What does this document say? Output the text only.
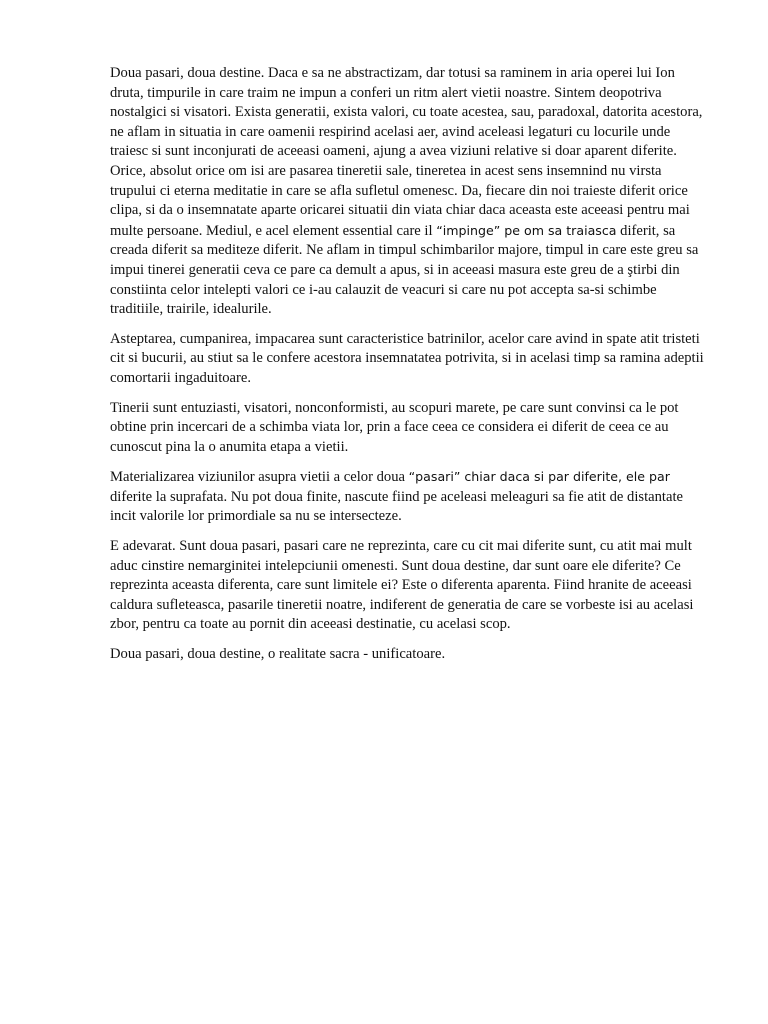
Doua pasari, doua destine. Daca e sa ne abstractizam, dar totusi sa raminem in aria operei lui Ion druta, timpurile in care traim ne impun a conferi un ritm alert vietii noastre. Sintem deopotriva nostalgici si visatori. Exista generatii, exista valori, cu toate acestea, sau, paradoxal, datorita acestora, ne aflam in situatia in care oamenii respirind acelasi aer, avind aceleasi legaturi cu locurile unde traiesc si sunt inconjurati de aceeasi oameni, ajung a avea viziuni relative si doar aparent diferite. Orice, absolut orice om isi are pasarea tineretii sale, tineretea in acest sens insemnind nu virsta trupului ci eterna meditatie in care se afla sufletul omenesc. Da, fiecare din noi traieste diferit orice clipa, si da o insemnatate aparte oricarei situatii din viata chiar daca aceasta este aceeasi pentru mai multe persoane. Mediul, e acel element essential care il “impinge” pe om sa traiasca diferit, sa creada diferit sa mediteze diferit. Ne aflam in timpul schimbarilor majore, timpul in care este greu sa impui tinerei generatii ceva ce pare ca demult a apus, si in aceeasi masura este greu de a ştirbi din constiinta celor intelepti valori ce i-au calauzit de veacuri si care nu pot accepta sa-si schimbe traditiile, trairile, idealurile.

Asteptarea, cumpanirea, impacarea sunt caracteristice batrinilor, acelor care avind in spate atit tristeti cit si bucurii, au stiut sa le confere acestora insemnatatea potrivita, si in acelasi timp sa ramina adeptii comortarii ingaduitoare.

Tinerii sunt entuziasti, visatori, nonconformisti, au scopuri marete, pe care sunt convinsi ca le pot obtine prin incercari de a schimba viata lor, prin a face ceea ce considera ei diferit de ceea ce au cunoscut pina la o anumita etapa a vietii.

Materializarea viziunilor asupra vietii a celor doua “pasari” chiar daca si par diferite, ele par diferite la suprafata. Nu pot doua finite, nascute fiind pe aceleasi meleaguri sa fie atit de distantate incit valorile lor primordiale sa nu se intersecteze.

E adevarat. Sunt doua pasari, pasari care ne reprezinta, care cu cit mai diferite sunt, cu atit mai mult aduc cinstire nemarginitei intelepciunii omenesti. Sunt doua destine, dar sunt oare ele diferite? Ce reprezinta aceasta diferenta, care sunt limitele ei? Este o diferenta aparenta. Fiind hranite de aceeasi caldura sufleteasca, pasarile tineretii noatre, indiferent de generatia de care se vorbeste isi au acelasi zbor, pentru ca toate au pornit din aceeasi destinatie, cu acelasi scop.

Doua pasari, doua destine, o realitate sacra - unificatoare.
